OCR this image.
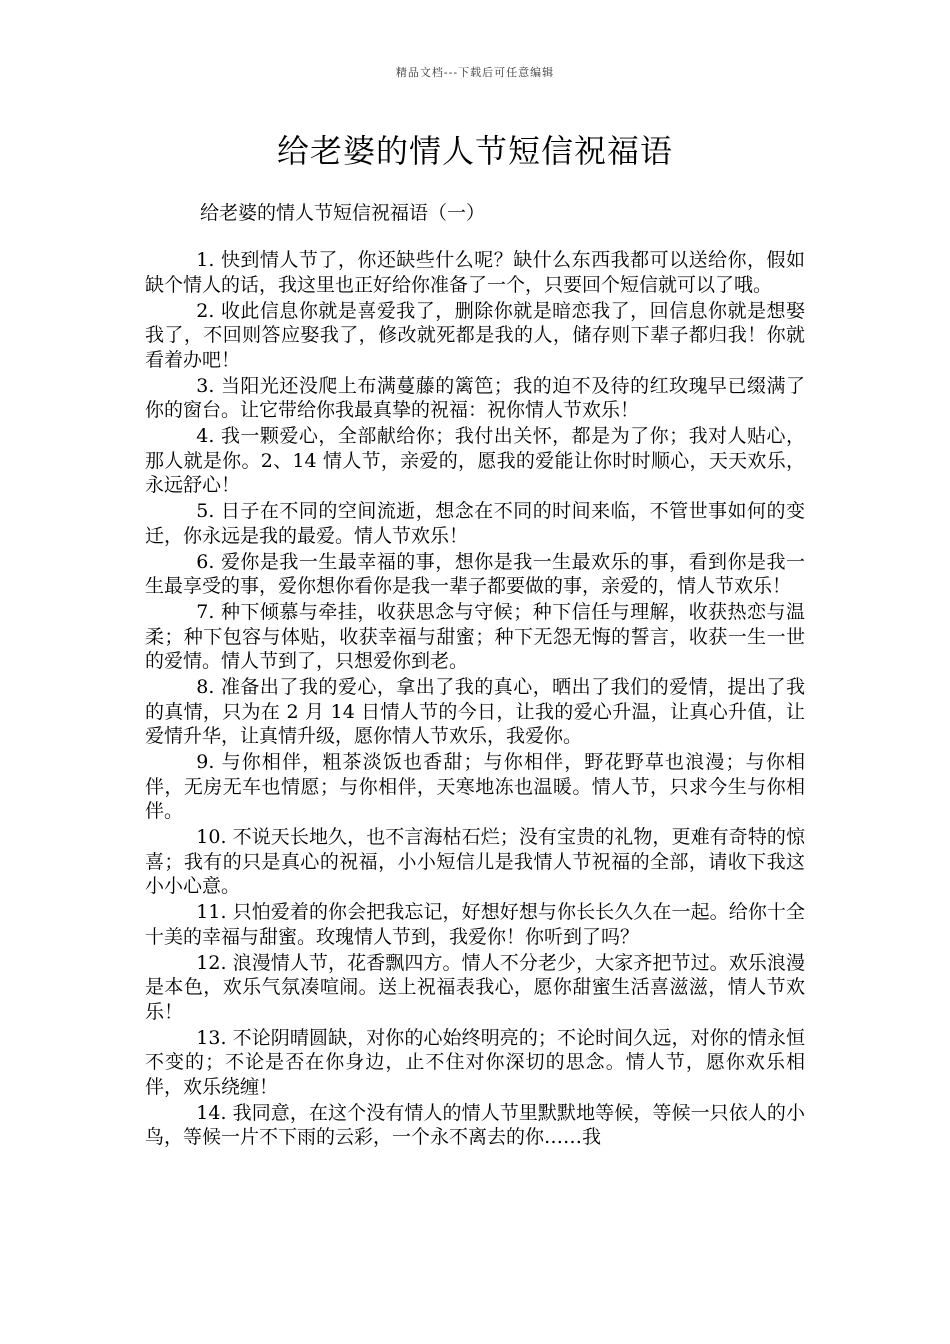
精品文档---下载后可任意编辑
给老婆的情人节短信祝福语
给老婆的情人节短信祝福语（一）

1. 快到情人节了，你还缺些什么呢？缺什么东西我都可以送给你，假如缺个情人的话，我这里也正好给你准备了一个，只要回个短信就可以了哦。

2. 收此信息你就是喜爱我了，删除你就是暗恋我了，回信息你就是想娶我了，不回则答应娶我了，修改就死都是我的人，储存则下辈子都归我！你就看着办吧！

3. 当阳光还没爬上布满蔓藤的篱笆；我的迫不及待的红玫瑰早已缀满了你的窗台。让它带给你我最真挚的祝福：祝你情人节欢乐！

4. 我一颗爱心，全部献给你；我付出关怀，都是为了你；我对人贴心，那人就是你。2、14 情人节，亲爱的，愿我的爱能让你时时顺心，天天欢乐，永远舒心！

5. 日子在不同的空间流逝，想念在不同的时间来临，不管世事如何的变迁，你永远是我的最爱。情人节欢乐！

6. 爱你是我一生最幸福的事，想你是我一生最欢乐的事，看到你是我一生最享受的事，爱你想你看你是我一辈子都要做的事，亲爱的，情人节欢乐！

7. 种下倾慕与牵挂，收获思念与守候；种下信任与理解，收获热恋与温柔；种下包容与体贴，收获幸福与甜蜜；种下无怨无悔的誓言，收获一生一世的爱情。情人节到了，只想爱你到老。

8. 准备出了我的爱心，拿出了我的真心，晒出了我们的爱情，提出了我的真情，只为在 2 月 14 日情人节的今日，让我的爱心升温，让真心升值，让爱情升华，让真情升级，愿你情人节欢乐，我爱你。

9. 与你相伴，粗茶淡饭也香甜；与你相伴，野花野草也浪漫；与你相伴，无房无车也情愿；与你相伴，天寒地冻也温暖。情人节，只求今生与你相伴。

10. 不说天长地久，也不言海枯石烂；没有宝贵的礼物，更难有奇特的惊喜；我有的只是真心的祝福，小小短信儿是我情人节祝福的全部，请收下我这小小心意。

11. 只怕爱着的你会把我忘记，好想好想与你长长久久在一起。给你十全十美的幸福与甜蜜。玫瑰情人节到，我爱你！你听到了吗？

12. 浪漫情人节，花香飘四方。情人不分老少，大家齐把节过。欢乐浪漫是本色，欢乐气氛凑喧闹。送上祝福表我心，愿你甜蜜生活喜滋滋，情人节欢乐！

13. 不论阴晴圆缺，对你的心始终明亮的；不论时间久远，对你的情永恒不变的；不论是否在你身边，止不住对你深切的思念。情人节，愿你欢乐相伴，欢乐绕缠！

14. 我同意，在这个没有情人的情人节里默默地等候，等候一只依人的小鸟，等候一片不下雨的云彩，一个永不离去的你……我
